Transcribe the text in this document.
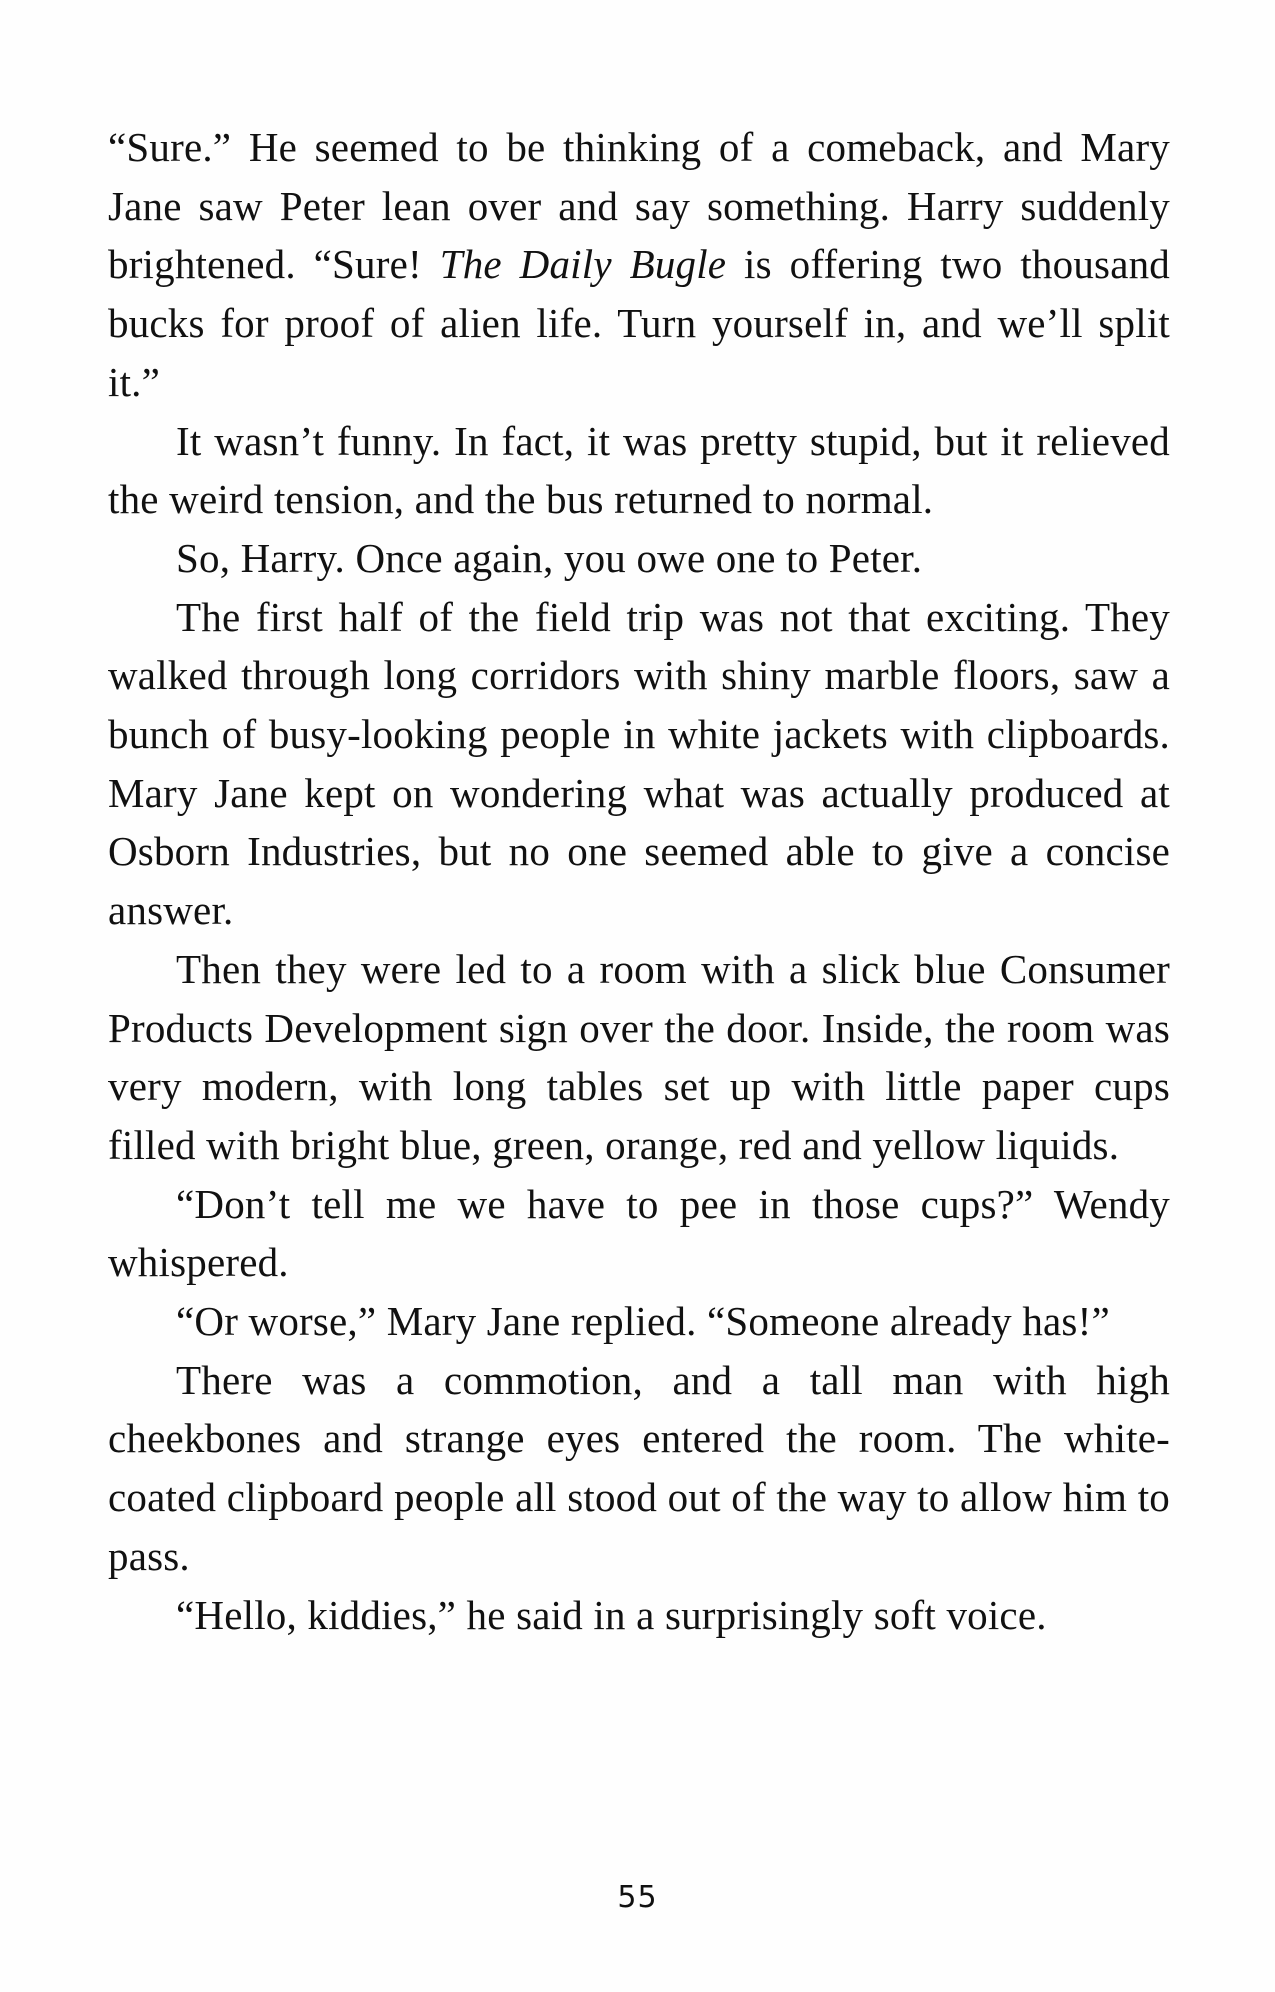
“Sure.” He seemed to be thinking of a comeback, and Mary Jane saw Peter lean over and say something. Harry suddenly brightened. “Sure! The Daily Bugle is offering two thousand bucks for proof of alien life. Turn yourself in, and we’ll split it.”

It wasn’t funny. In fact, it was pretty stupid, but it relieved the weird tension, and the bus returned to normal.

So, Harry. Once again, you owe one to Peter.

The first half of the field trip was not that exciting. They walked through long corridors with shiny marble floors, saw a bunch of busy-looking people in white jackets with clipboards. Mary Jane kept on wondering what was actually produced at Osborn Industries, but no one seemed able to give a concise answer.

Then they were led to a room with a slick blue Consumer Products Development sign over the door. Inside, the room was very modern, with long tables set up with little paper cups filled with bright blue, green, orange, red and yellow liquids.

“Don’t tell me we have to pee in those cups?” Wendy whispered.

“Or worse,” Mary Jane replied. “Someone already has!”

There was a commotion, and a tall man with high cheekbones and strange eyes entered the room. The white-coated clipboard people all stood out of the way to allow him to pass.

“Hello, kiddies,” he said in a surprisingly soft voice.

55
